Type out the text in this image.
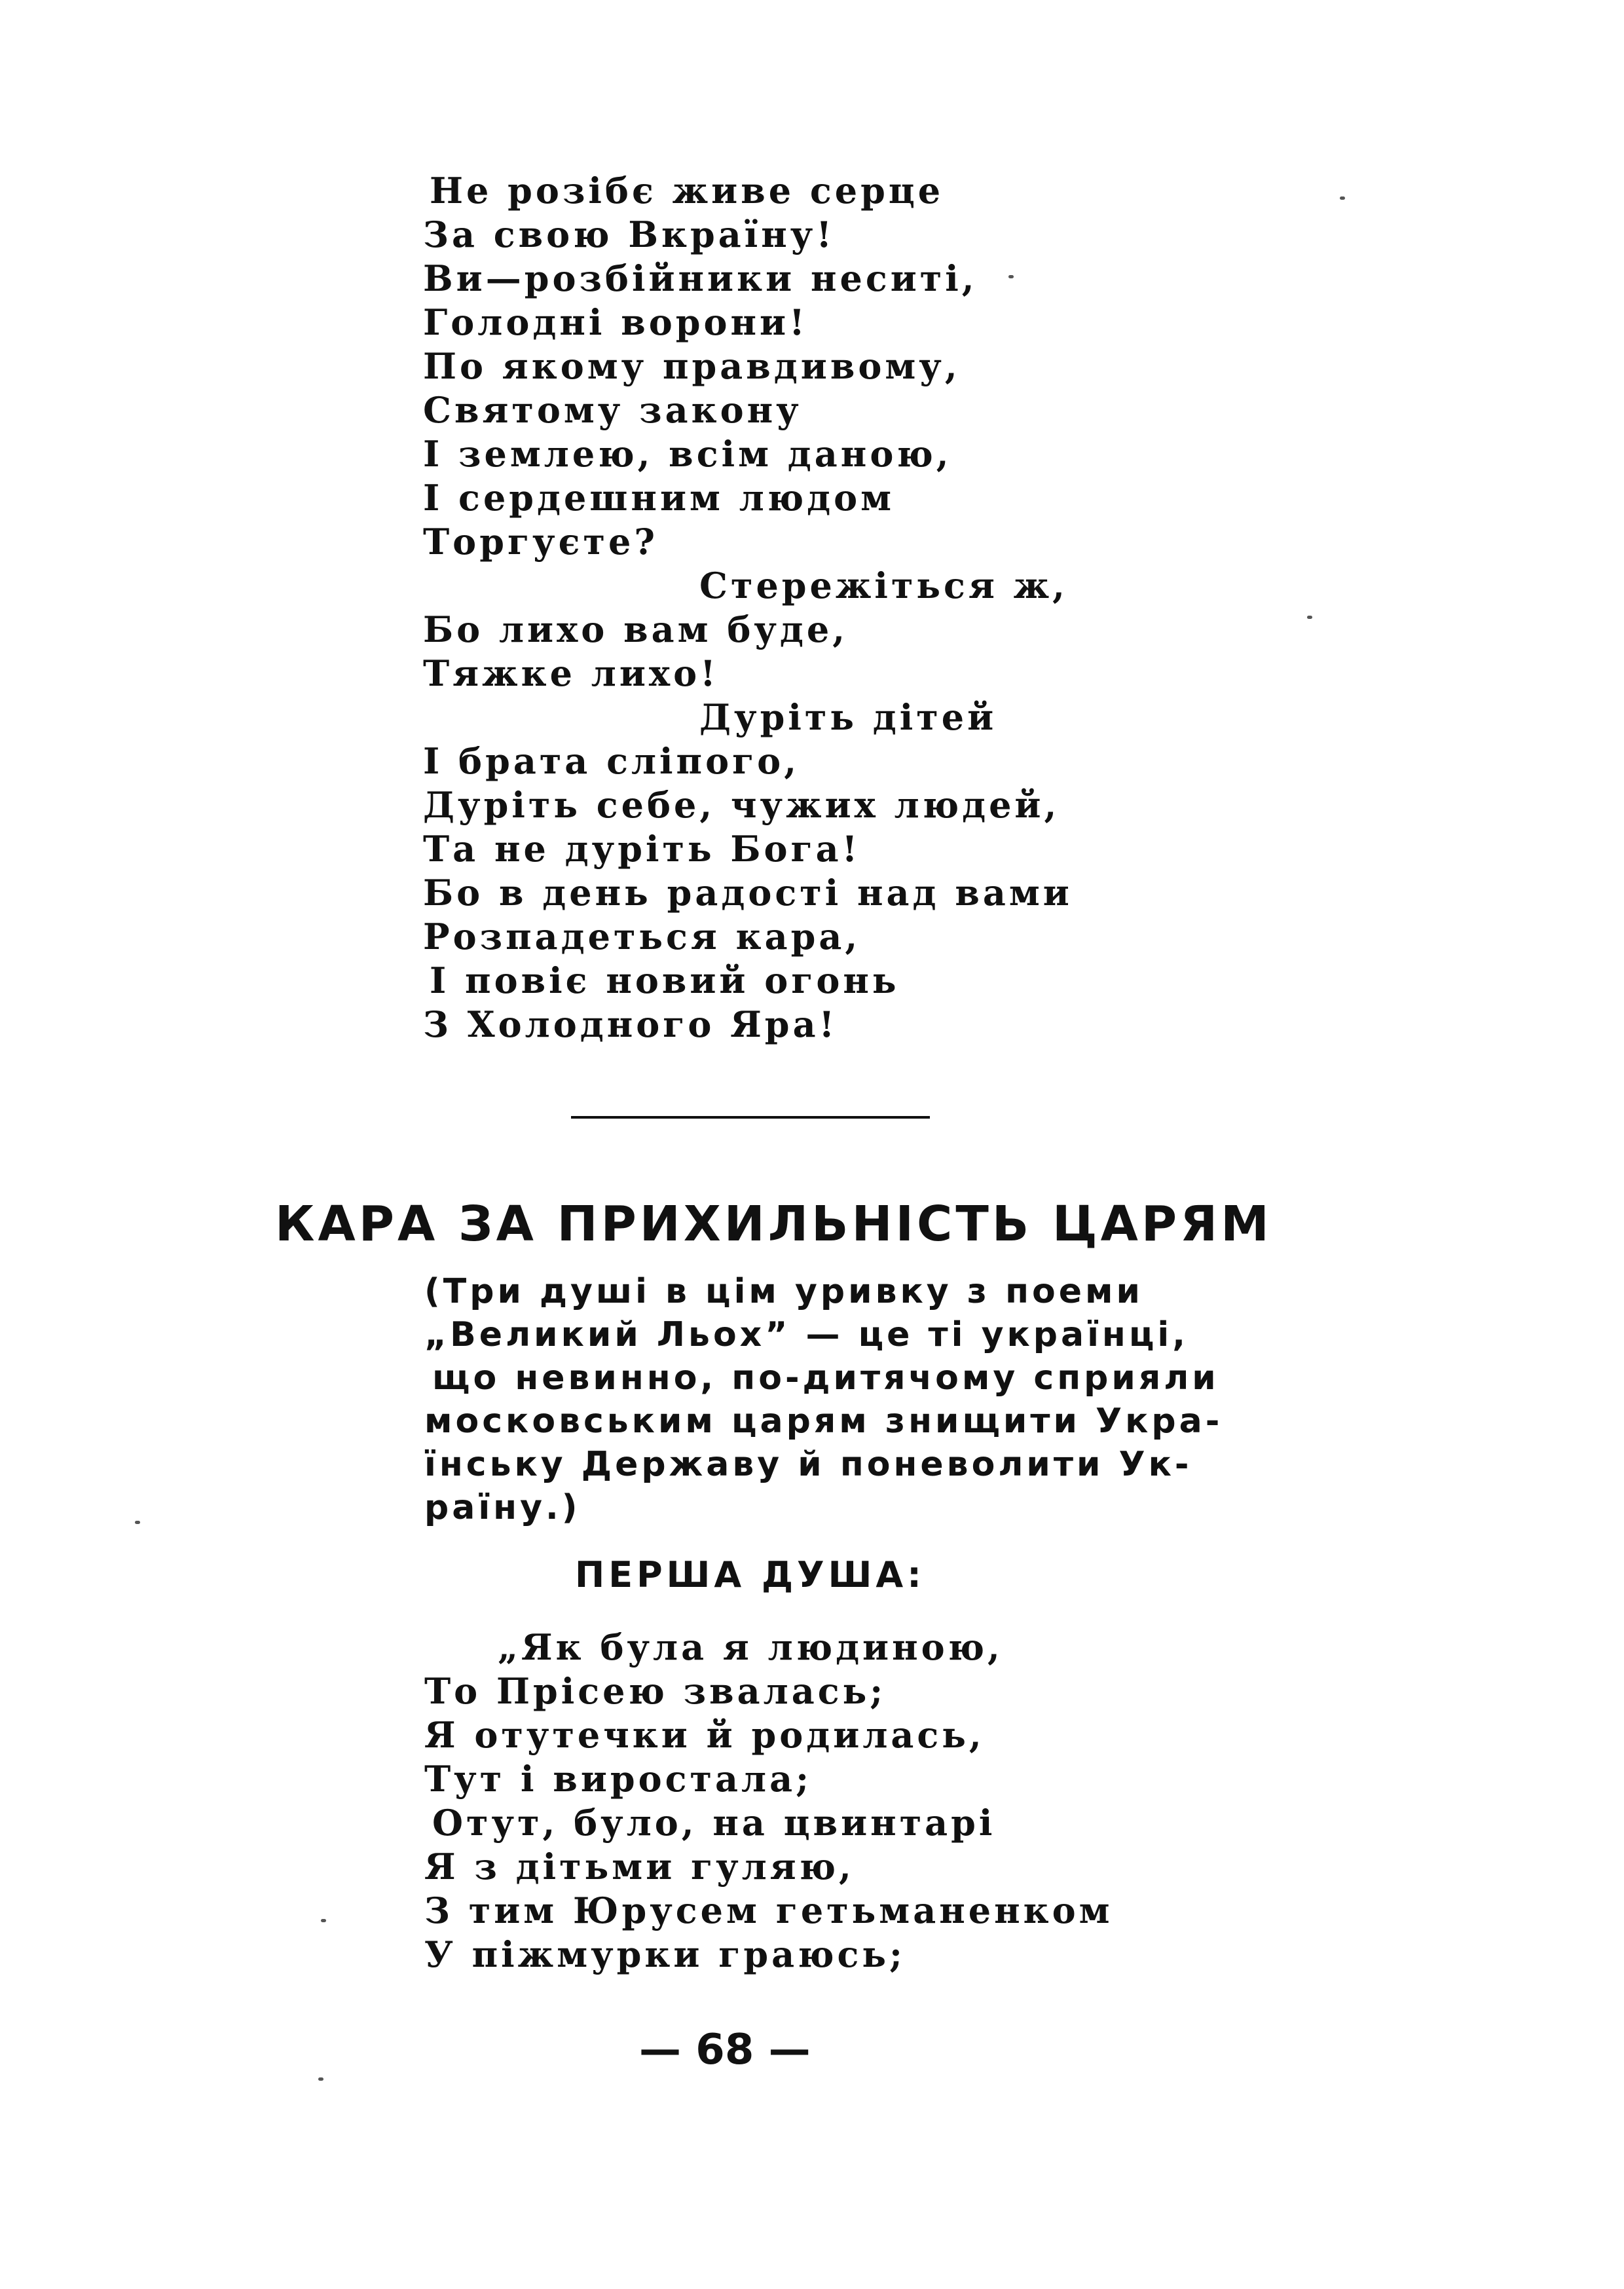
Не розібє живе серце
За свою Вкраїну!
Ви—розбійники неситі,
Голодні ворони!
По якому правдивому,
Святому закону
І землею, всім даною,
І сердешним людом
Торгуєте?
Стережіться ж,
Бо лихо вам буде,
Тяжке лихо!
Дуріть дітей
І брата сліпого,
Дуріть себе, чужих людей,
Та не дуріть Бога!
Бо в день радості над вами
Розпадеться кара,
І повіє новий огонь
З Холодного Яра!
КАРА ЗА ПРИХИЛЬНІСТЬ ЦАРЯМ
(Три душі в цім уривку з поеми
„Великий Льох” — це ті українці,
що невинно, по-дитячому сприяли
московським царям знищити Укра-
їнську Державу й поневолити Ук-
раїну.)
ПЕРША ДУША:
„Як була я людиною,
То Прісею звалась;
Я отутечки й родилась,
Тут і виростала;
Отут, було, на цвинтарі
Я з дітьми гуляю,
З тим Юрусем гетьманенком
У піжмурки граюсь;
— 68 —
